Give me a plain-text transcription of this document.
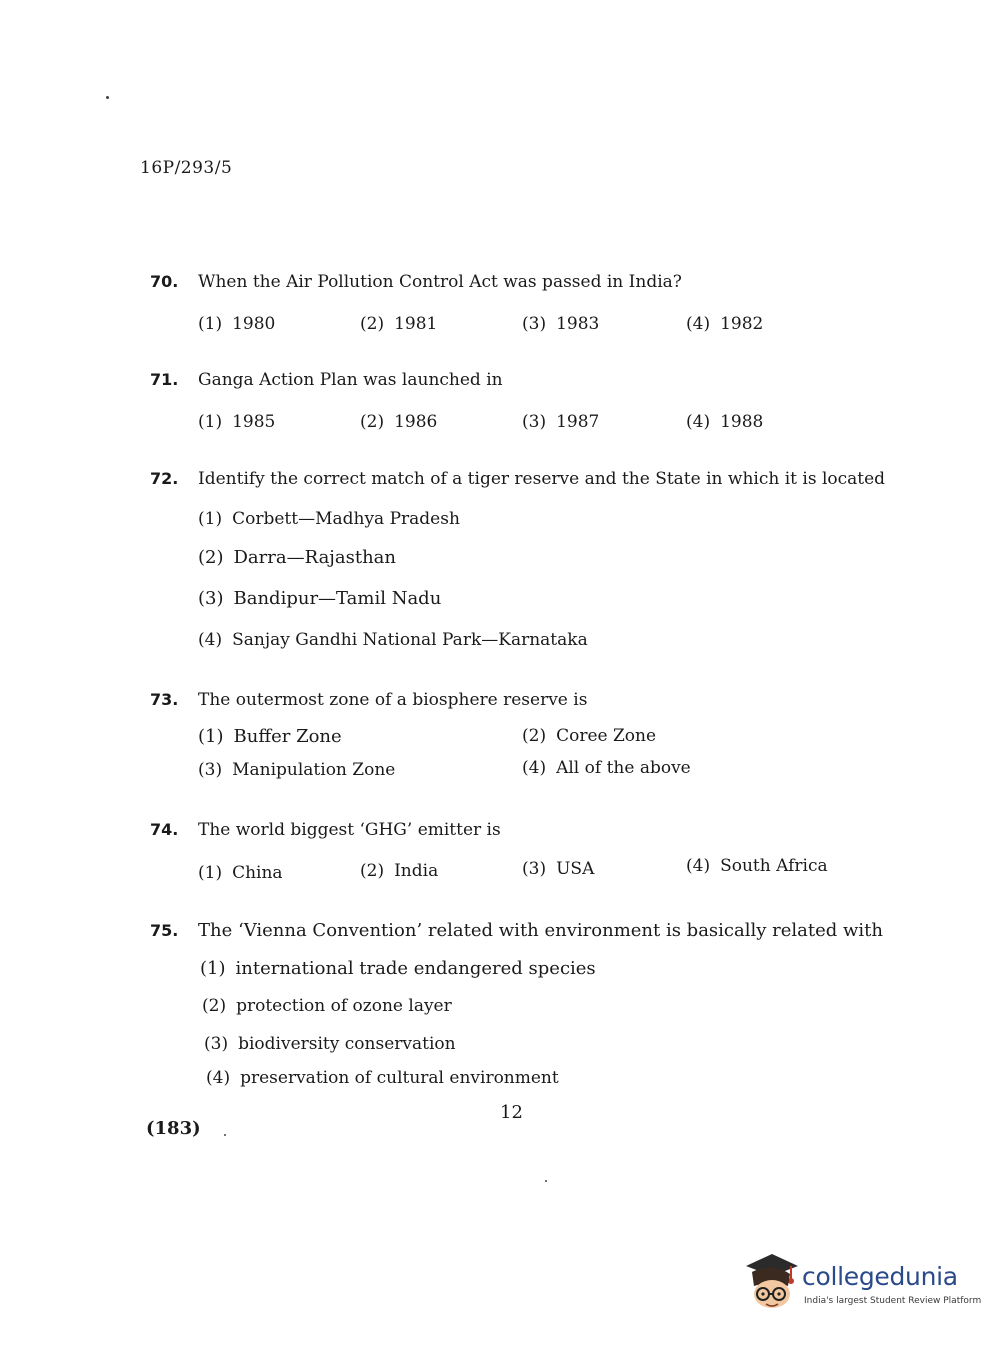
16P/293/5
70. When the Air Pollution Control Act was passed in India?
(1) 1980	(2) 1981	(3) 1983	(4) 1982
71. Ganga Action Plan was launched in
(1) 1985	(2) 1986	(3) 1987	(4) 1988
72. Identify the correct match of a tiger reserve and the State in which it is located
(1) Corbett—Madhya Pradesh
(2) Darra—Rajasthan
(3) Bandipur—Tamil Nadu
(4) Sanjay Gandhi National Park—Karnataka
73. The outermost zone of a biosphere reserve is
(1) Buffer Zone	(2) Coree Zone
(3) Manipulation Zone	(4) All of the above
74. The world biggest ‘GHG’ emitter is
(1) China	(2) India	(3) USA	(4) South Africa
75. The ‘Vienna Convention’ related with environment is basically related with
(1) international trade endangered species
(2) protection of ozone layer
(3) biodiversity conservation
(4) preservation of cultural environment
12
(183)
collegedunia
India's largest Student Review Platform
